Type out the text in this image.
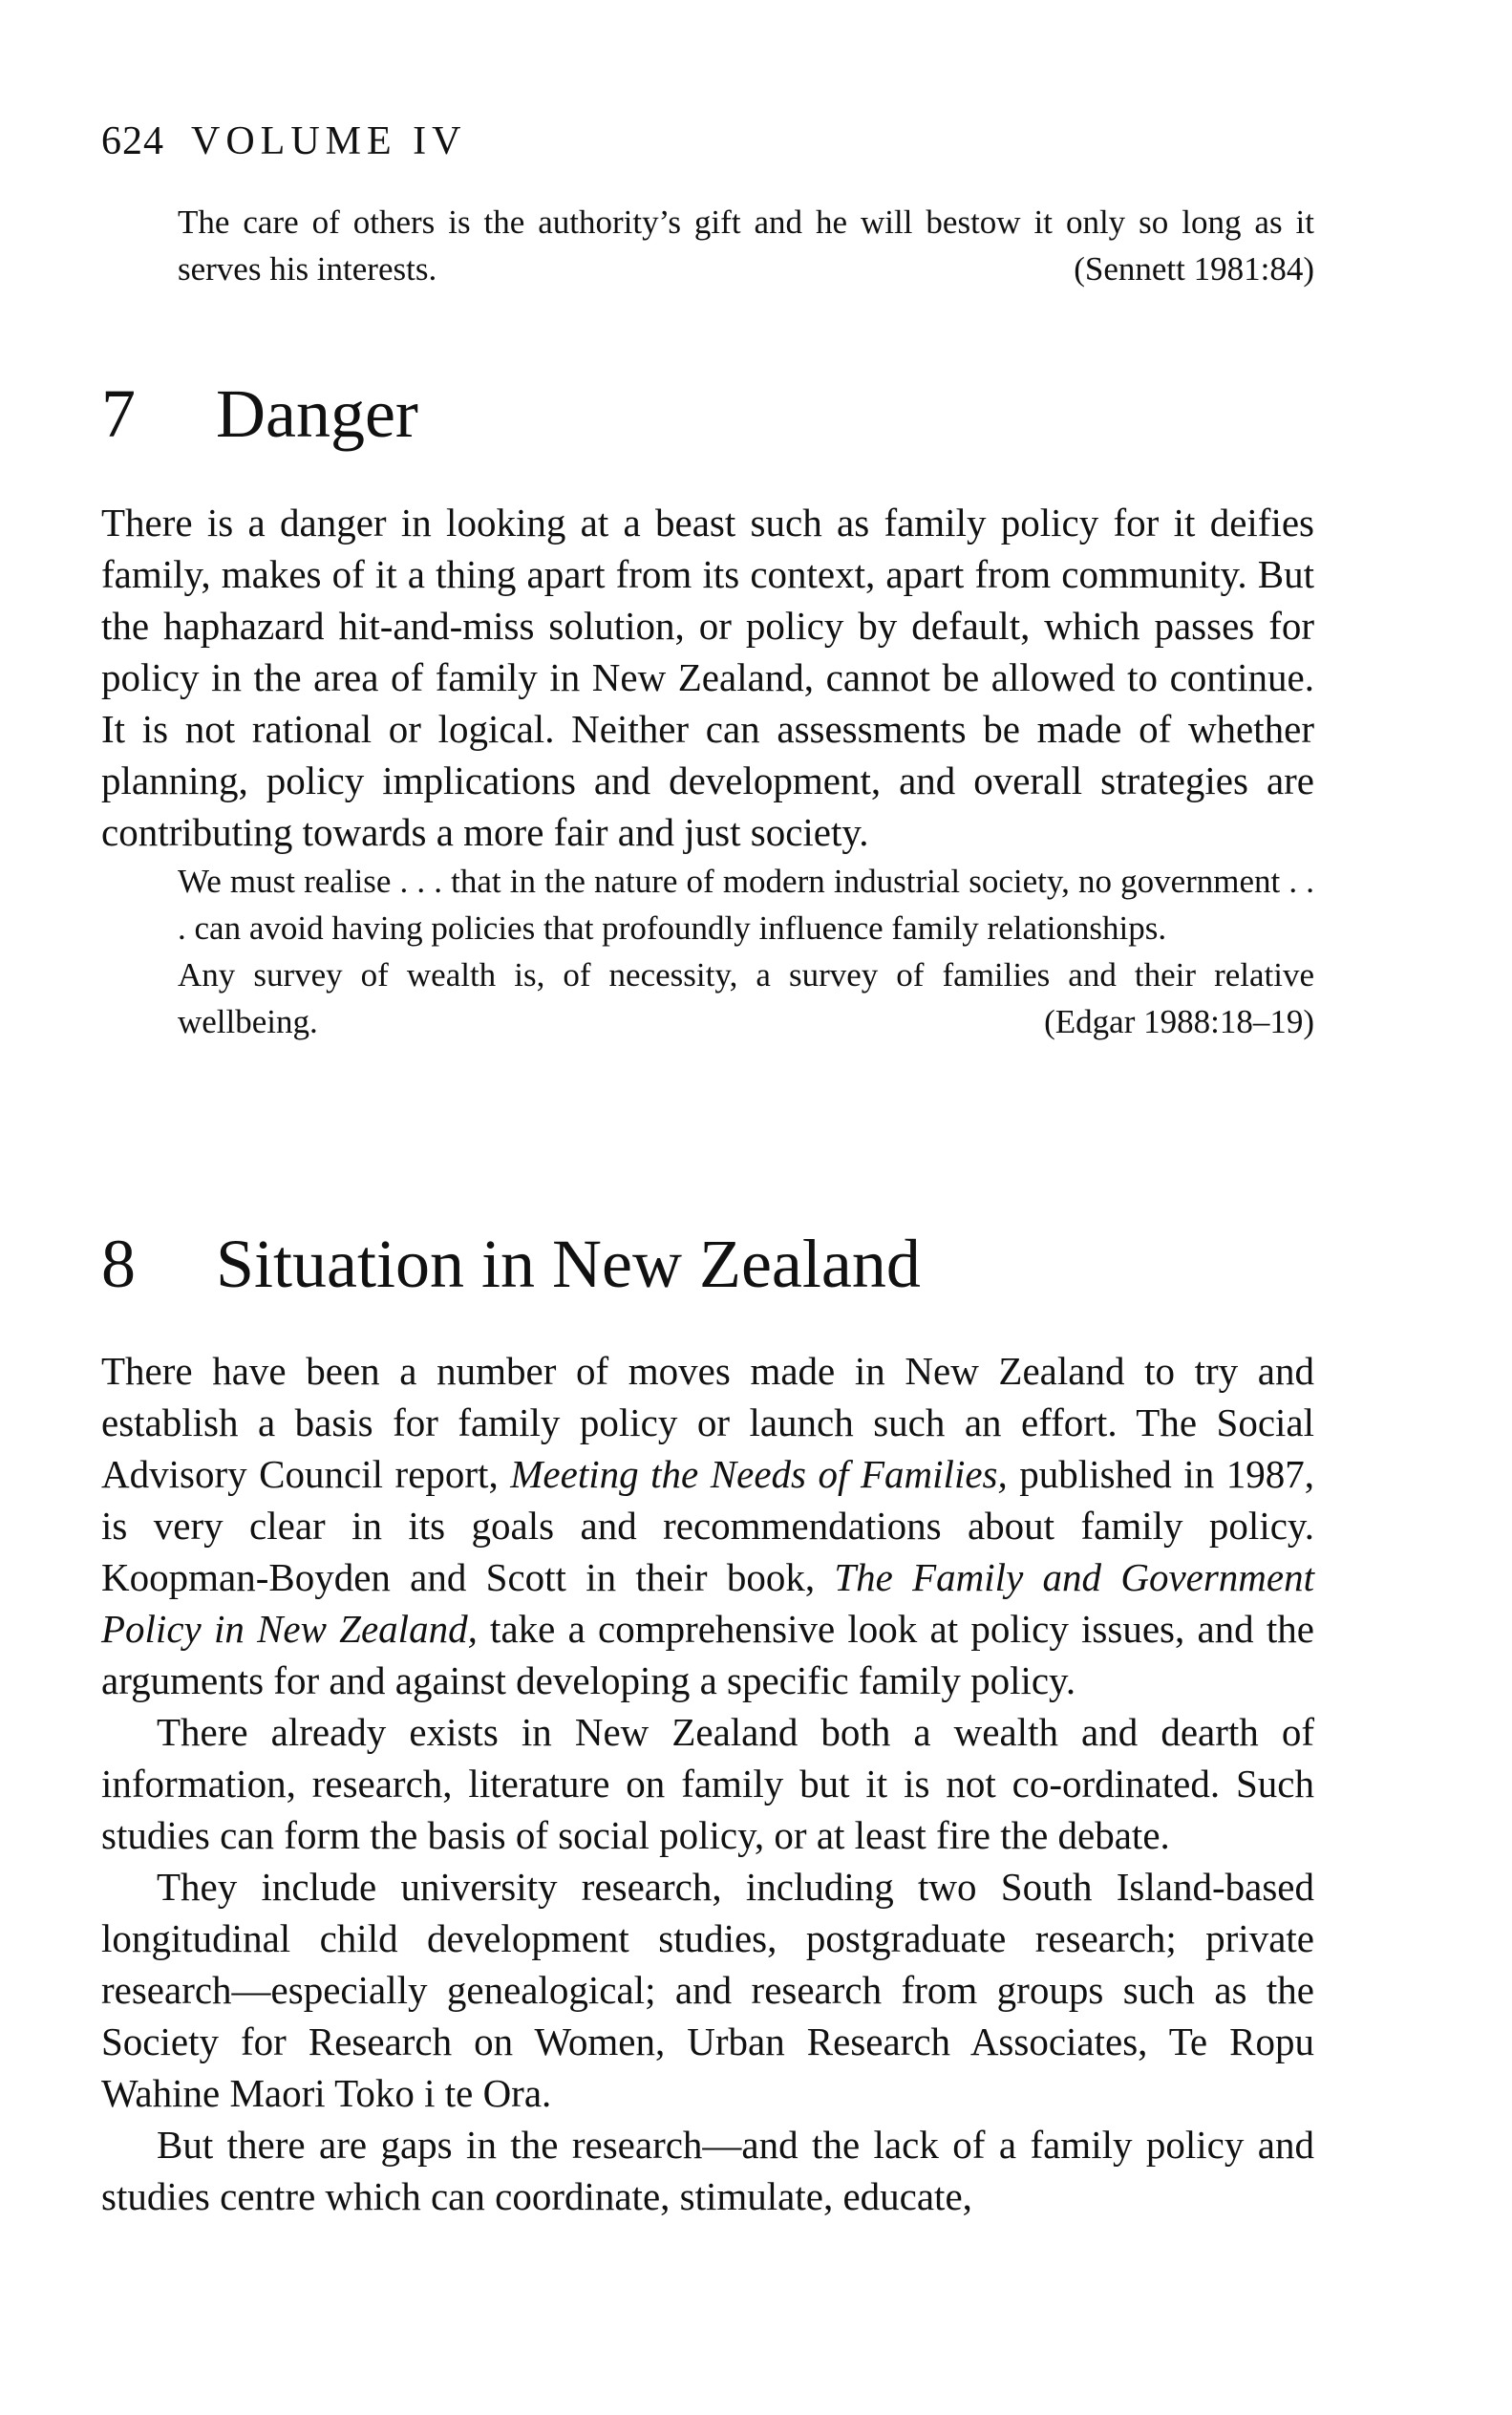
624 VOLUME IV
The care of others is the authority’s gift and he will bestow it only so long as it serves his interests.	(Sennett 1981:84)
7 Danger

There is a danger in looking at a beast such as family policy for it deifies family, makes of it a thing apart from its context, apart from community. But the haphazard hit-and-miss solution, or policy by default, which passes for policy in the area of family in New Zealand, cannot be allowed to continue. It is not rational or logical. Neither can assessments be made of whether planning, policy implications and development, and overall strategies are contributing towards a more fair and just society.

We must realise . . . that in the nature of modern industrial society, no government . . . can avoid having policies that profoundly influence family relationships.

Any survey of wealth is, of necessity, a survey of families and their relative wellbeing.	(Edgar 1988:18–19)

8 Situation in New Zealand

There have been a number of moves made in New Zealand to try and establish a basis for family policy or launch such an effort. The Social Advisory Council report, Meeting the Needs of Families, published in 1987, is very clear in its goals and recommendations about family policy. Koopman-Boyden and Scott in their book, The Family and Government Policy in New Zealand, take a comprehensive look at policy issues, and the arguments for and against developing a specific family policy.

There already exists in New Zealand both a wealth and dearth of information, research, literature on family but it is not co-ordinated. Such studies can form the basis of social policy, or at least fire the debate.

They include university research, including two South Island-based longitudinal child development studies, postgraduate research; private research—especially genealogical; and research from groups such as the Society for Research on Women, Urban Research Associates, Te Ropu Wahine Maori Toko i te Ora.

But there are gaps in the research—and the lack of a family policy and studies centre which can coordinate, stimulate, educate,
